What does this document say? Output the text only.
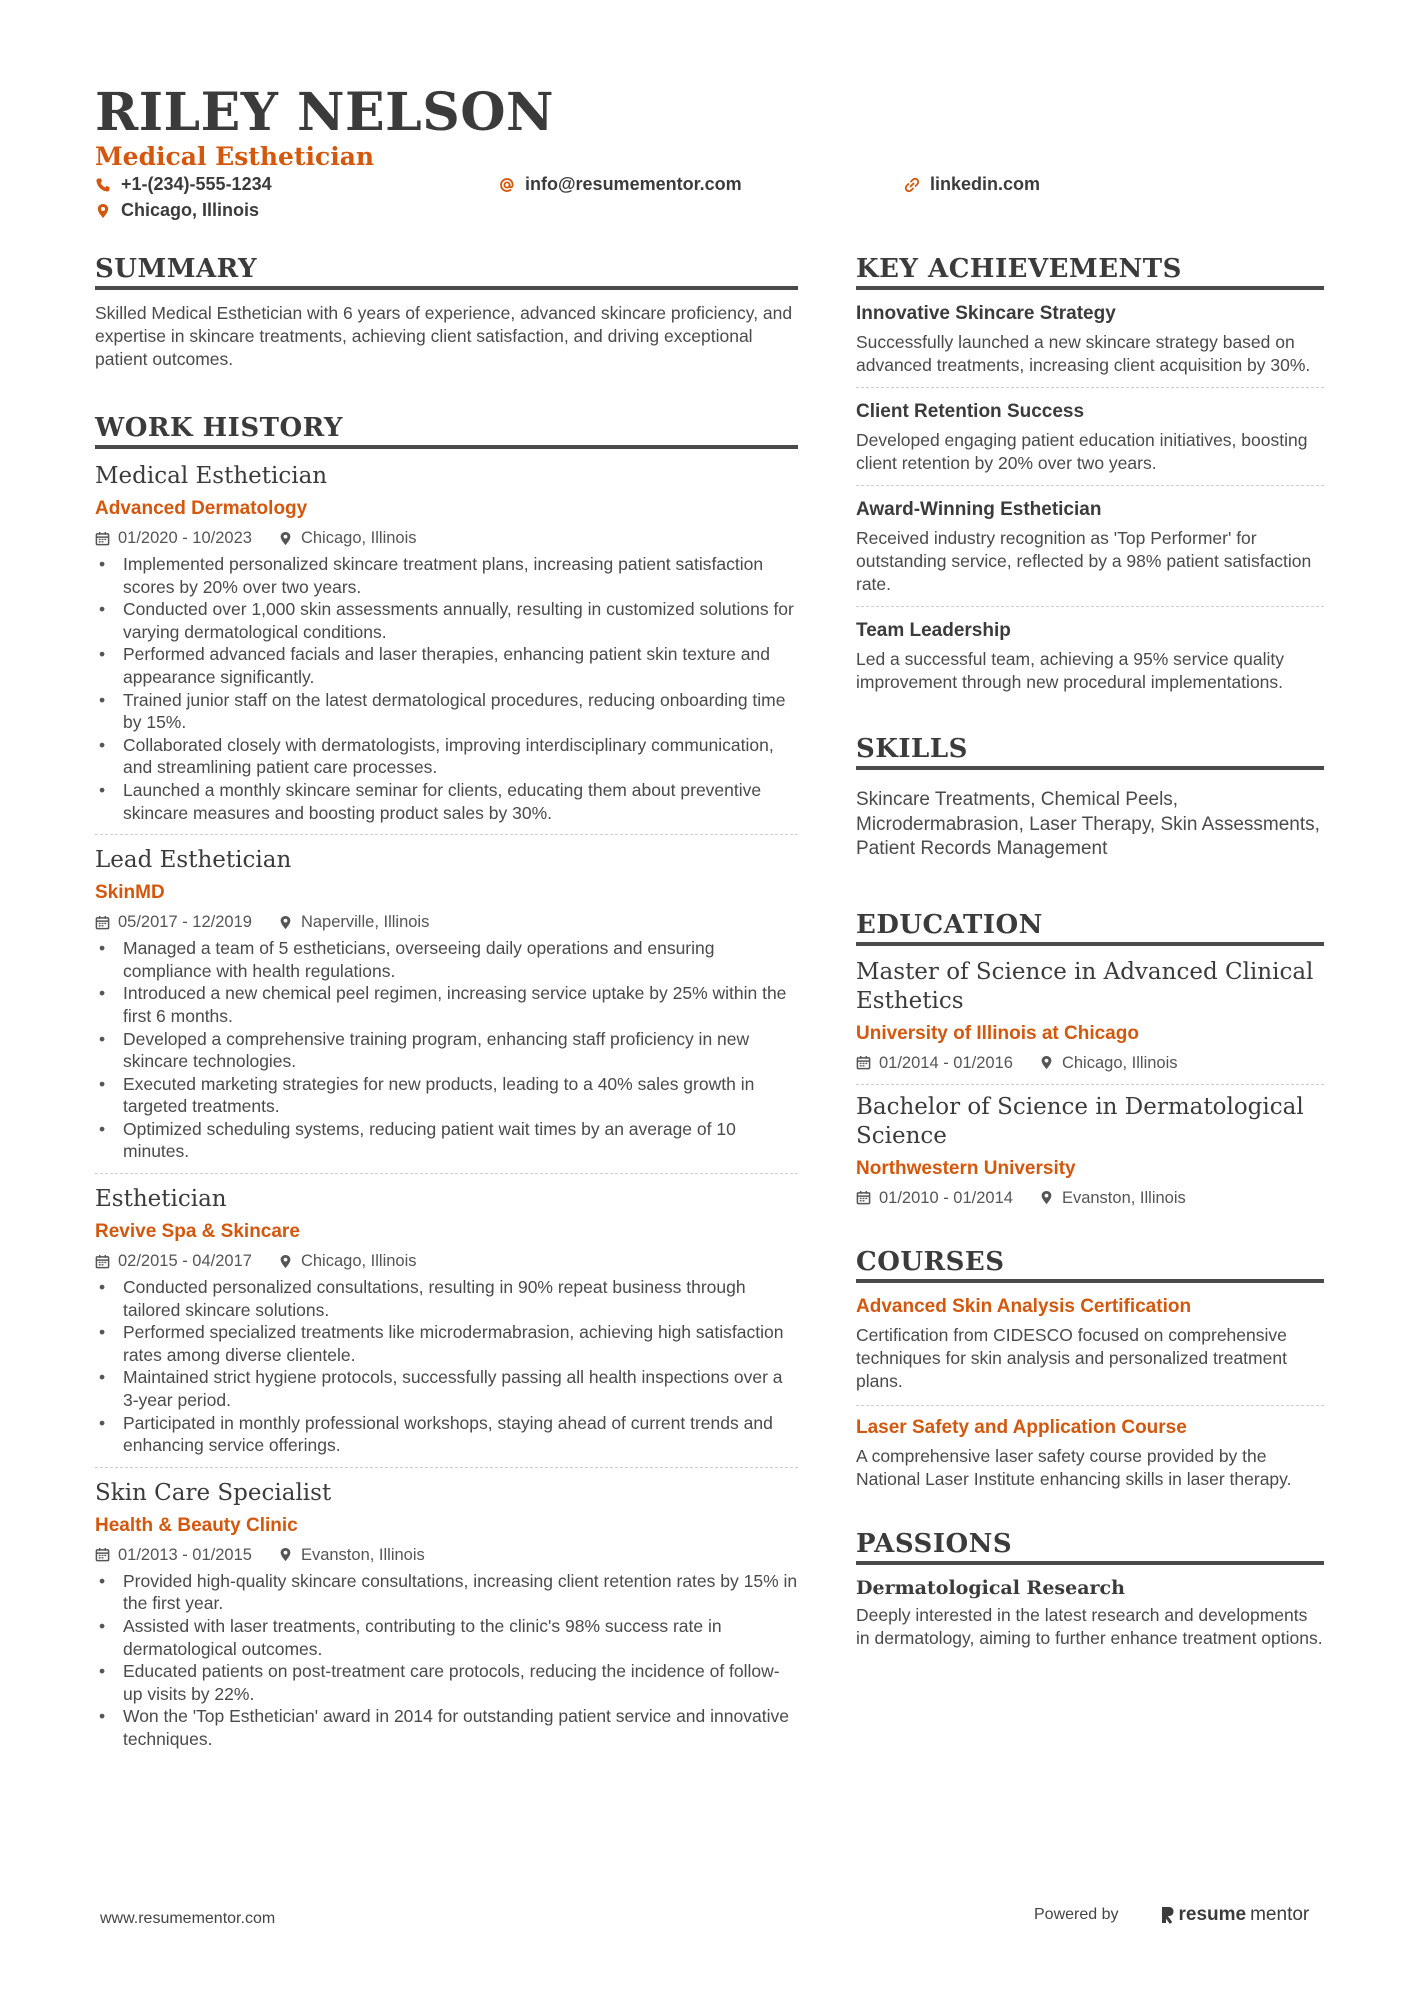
RILEY NELSON
Medical Esthetician
+1-(234)-555-1234	info@resumementor.com	linkedin.com
Chicago, Illinois
SUMMARY
Skilled Medical Esthetician with 6 years of experience, advanced skincare proficiency, and expertise in skincare treatments, achieving client satisfaction, and driving exceptional patient outcomes.
WORK HISTORY
Medical Esthetician
Advanced Dermatology
01/2020 - 10/2023	Chicago, Illinois
• Implemented personalized skincare treatment plans, increasing patient satisfaction scores by 20% over two years.
• Conducted over 1,000 skin assessments annually, resulting in customized solutions for varying dermatological conditions.
• Performed advanced facials and laser therapies, enhancing patient skin texture and appearance significantly.
• Trained junior staff on the latest dermatological procedures, reducing onboarding time by 15%.
• Collaborated closely with dermatologists, improving interdisciplinary communication, and streamlining patient care processes.
• Launched a monthly skincare seminar for clients, educating them about preventive skincare measures and boosting product sales by 30%.
Lead Esthetician
SkinMD
05/2017 - 12/2019	Naperville, Illinois
• Managed a team of 5 estheticians, overseeing daily operations and ensuring compliance with health regulations.
• Introduced a new chemical peel regimen, increasing service uptake by 25% within the first 6 months.
• Developed a comprehensive training program, enhancing staff proficiency in new skincare technologies.
• Executed marketing strategies for new products, leading to a 40% sales growth in targeted treatments.
• Optimized scheduling systems, reducing patient wait times by an average of 10 minutes.
Esthetician
Revive Spa & Skincare
02/2015 - 04/2017	Chicago, Illinois
• Conducted personalized consultations, resulting in 90% repeat business through tailored skincare solutions.
• Performed specialized treatments like microdermabrasion, achieving high satisfaction rates among diverse clientele.
• Maintained strict hygiene protocols, successfully passing all health inspections over a 3-year period.
• Participated in monthly professional workshops, staying ahead of current trends and enhancing service offerings.
Skin Care Specialist
Health & Beauty Clinic
01/2013 - 01/2015	Evanston, Illinois
• Provided high-quality skincare consultations, increasing client retention rates by 15% in the first year.
• Assisted with laser treatments, contributing to the clinic's 98% success rate in dermatological outcomes.
• Educated patients on post-treatment care protocols, reducing the incidence of follow-up visits by 22%.
• Won the 'Top Esthetician' award in 2014 for outstanding patient service and innovative techniques.
KEY ACHIEVEMENTS
Innovative Skincare Strategy
Successfully launched a new skincare strategy based on advanced treatments, increasing client acquisition by 30%.
Client Retention Success
Developed engaging patient education initiatives, boosting client retention by 20% over two years.
Award-Winning Esthetician
Received industry recognition as 'Top Performer' for outstanding service, reflected by a 98% patient satisfaction rate.
Team Leadership
Led a successful team, achieving a 95% service quality improvement through new procedural implementations.
SKILLS
Skincare Treatments, Chemical Peels, Microdermabrasion, Laser Therapy, Skin Assessments, Patient Records Management
EDUCATION
Master of Science in Advanced Clinical Esthetics
University of Illinois at Chicago
01/2014 - 01/2016	Chicago, Illinois
Bachelor of Science in Dermatological Science
Northwestern University
01/2010 - 01/2014	Evanston, Illinois
COURSES
Advanced Skin Analysis Certification
Certification from CIDESCO focused on comprehensive techniques for skin analysis and personalized treatment plans.
Laser Safety and Application Course
A comprehensive laser safety course provided by the National Laser Institute enhancing skills in laser therapy.
PASSIONS
Dermatological Research
Deeply interested in the latest research and developments in dermatology, aiming to further enhance treatment options.
www.resumementor.com	Powered by	resume mentor
